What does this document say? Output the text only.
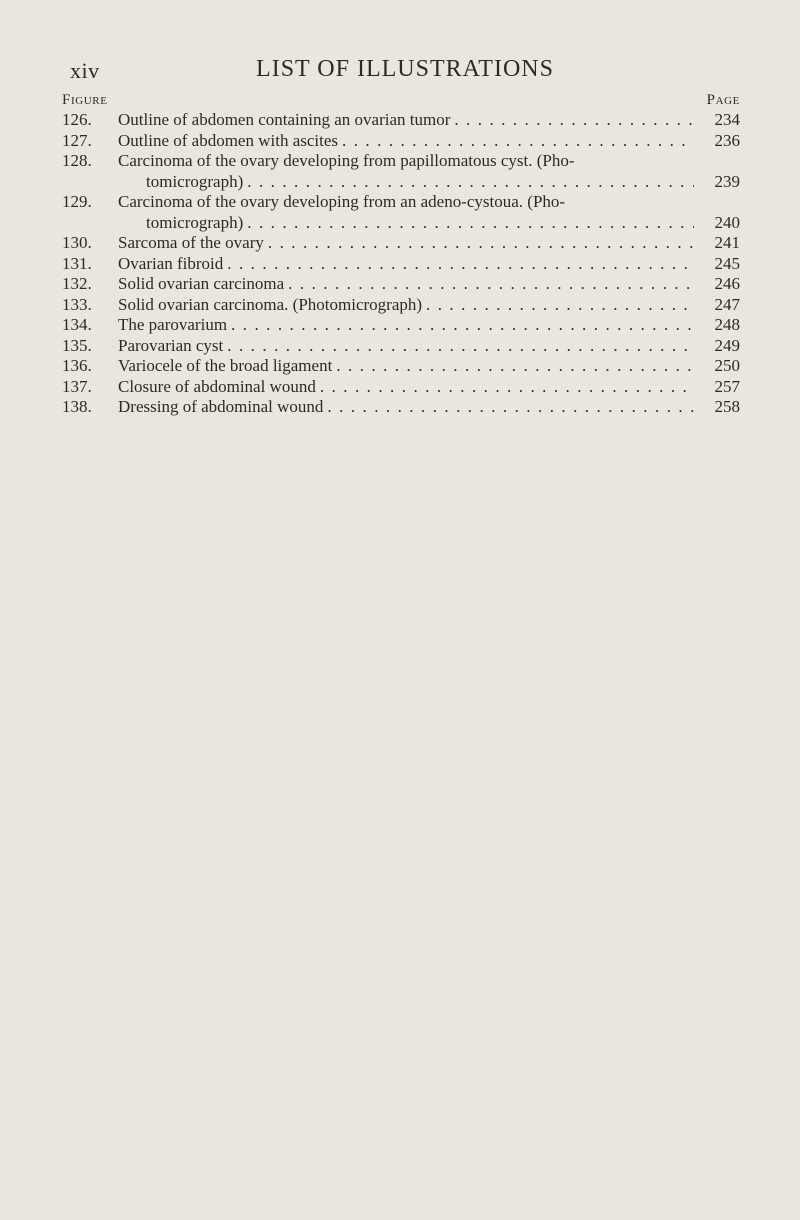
xiv	LIST OF ILLUSTRATIONS
Figure	Page
126.	Outline of abdomen containing an ovarian tumor . . .	234
127.	Outline of abdomen with ascites . . .	236
128.	Carcinoma of the ovary developing from papillomatous cyst. (Pho-
tomicrograph) . . .	239
129.	Carcinoma of the ovary developing from an adeno-cystoua. (Pho-
tomicrograph) . . .	240
130.	Sarcoma of the ovary . . .	241
131.	Ovarian fibroid . . .	245
132.	Solid ovarian carcinoma . . .	246
133.	Solid ovarian carcinoma. (Photomicrograph) . . .	247
134.	The parovarium . . .	248
135.	Parovarian cyst . . .	249
136.	Variocele of the broad ligament . . .	250
137.	Closure of abdominal wound . . .	257
138.	Dressing of abdominal wound . . .	258
